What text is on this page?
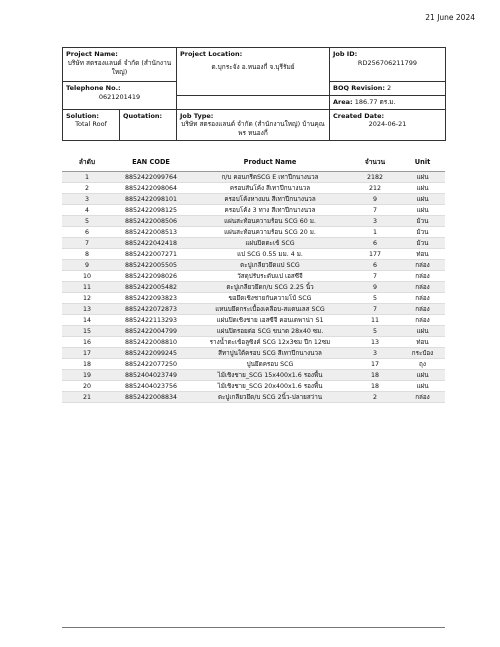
21 June 2024
Project Name:
บริษัท สตรองแลนด์ จำกัด (สำนักงานใหญ่)		Project Location:
ต.บุกระจัง อ.หนองกี่ จ.บุรีรัมย์	Job ID:
RD256706211799

Telephone No.:
0621201419			BOQ Revision: 2
			Area: 186.77 ตร.ม.

Solution:
Total Roof	Quotation:	Job Type:
บริษัท สตรองแลนด์ จำกัด (สำนักงานใหญ่) บ้านคุณพร หนองกี่	Created Date:
2024-06-21
ลำดับ	EAN CODE	Product Name	จำนวน	Unit
1	8852422099764	ก/บ คอนกรีตSCG E เทาปีกนางนวล	2182	แผ่น
2	8852422098064	ครอบสันโค้ง สีเทาปีกนางนวล	212	แผ่น
3	8852422098101	ครอบโค้งหางมน สีเทาปีกนางนวล	9	แผ่น
4	8852422098125	ครอบโค้ง 3 ทาง สีเทาปีกนางนวล	7	แผ่น
5	8852422008506	แผ่นสะท้อนความร้อน SCG 60 ม.	3	ม้วน
6	8852422008513	แผ่นสะท้อนความร้อน SCG 20 ม.	1	ม้วน
7	8852422042418	แผ่นปิดตะเข้ SCG	6	ม้วน
8	8852422007271	แป SCG 0.55 มม. 4 ม.	177	ท่อน
9	8852422005505	ตะปูเกลียวยึดแป SCG	6	กล่อง
10	8852422098026	วัสดุปรับระดับแป เอสซีจี	7	กล่อง
11	8852422005482	ตะปูเกลียวยึดก/บ SCG 2.25 นิ้ว	9	กล่อง
12	8852422093823	ขอยึดเชิงชายกันความโบ้ SCG	5	กล่อง
13	8852422072873	แหนบยึดกระเบื้องเคลือบ-สแตนเลส SCG	7	กล่อง
14	8852422113293	แผ่นปิดเชิงชาย เอสซีจี คอนเดพาน่า S1	11	กล่อง
15	8852422004799	แผ่นปิดรอยต่อ SCG ขนาด 28x40 ซม.	5	แผ่น
16	8852422008810	รางน้ำตะเข้อลูซิงค์ SCG 12x3ซม ปีก 12ซม	13	ท่อน
17	8852422099245	สีทาปูนใต้ครอบ SCG สีเทาปีกนางนวล	3	กระป๋อง
18	8852422077250	ปูนยึดครอบ SCG	17	ถุง
19	8852404023749	ไม้เชิงชาย_SCG 15x400x1.6 รองพื้น	18	แผ่น
20	8852404023756	ไม้เชิงชาย_SCG 20x400x1.6 รองพื้น	18	แผ่น
21	8852422008834	ตะปูเกลียวยึด/บ SCG 2นิ้ว-ปลายสว่าน	2	กล่อง
